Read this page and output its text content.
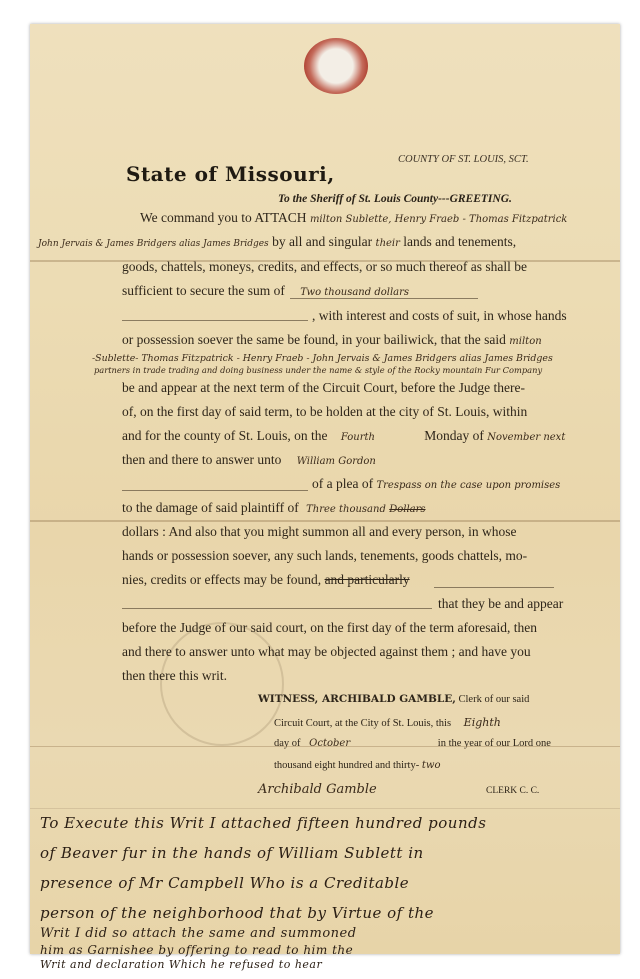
COUNTY OF ST. LOUIS, SCT.
State of Missouri,
To the Sheriff of St. Louis County---GREETING.
We command you to ATTACH milton Sublette, Henry Fraeb - Thomas Fitzpatrick
John Jervais & James Bridgers alias James Bridges by all and singular their lands and tenements,
goods, chattels, moneys, credits, and effects, or so much thereof as shall be
sufficient to secure the sum of Two thousand dollars
, with interest and costs of suit, in whose hands
or possession soever the same be found, in your bailiwick, that the said milton
-Sublette- Thomas Fitzpatrick - Henry Fraeb - John Jervais & James Bridgers alias James Bridges
partners in trade trading and doing business under the name & style of the Rocky mountain Fur Company
be and appear at the next term of the Circuit Court, before the Judge there-
of, on the first day of said term, to be holden at the city of St. Louis, within
and for the county of St. Louis, on the Fourth	Monday of November next
then and there to answer unto William Gordon
of a plea of Trespass on the case upon promises
to the damage of said plaintiff of Three thousand Dollars
dollars : And also that you might summon all and every person, in whose
hands or possession soever, any such lands, tenements, goods chattels, mo-
nies, credits or effects may be found, and particularly
that they be and appear
before the Judge of our said court, on the first day of the term aforesaid, then
and there to answer unto what may be objected against them ; and have you
then there this writ.
WITNESS, ARCHIBALD GAMBLE, Clerk of our said
Circuit Court, at the City of St. Louis, this Eighth
day of October	in the year of our Lord one
thousand eight hundred and thirty- two
Archibald Gamble	CLERK C. C.
To Execute this Writ I attached fifteen hundred pounds
of Beaver fur in the hands of William Sublett in
presence of Mr Campbell Who is a Creditable
person of the neighborhood that by Virtue of the
Writ I did so attach the same and summoned
him as Garnishee by offering to read to him the
Writ and declaration Which he refused to hear
